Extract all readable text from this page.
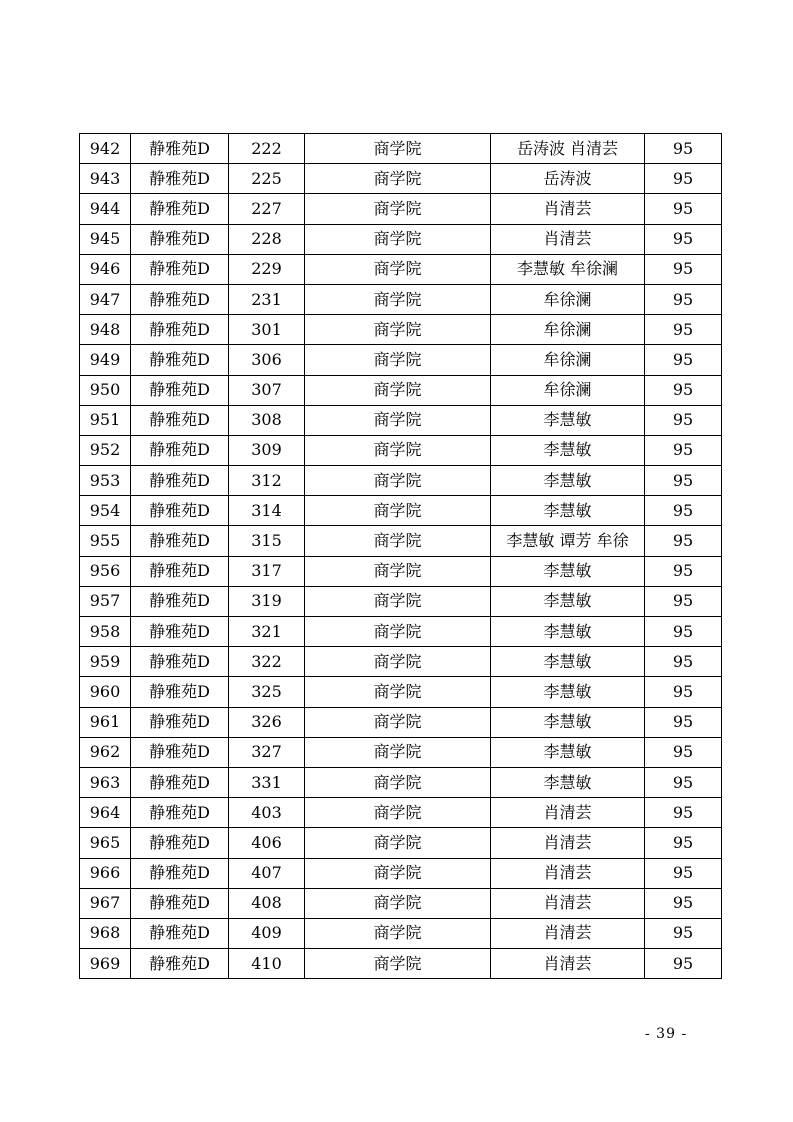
942	静雅苑D	222	商学院	岳涛波 肖清芸	95
943	静雅苑D	225	商学院	岳涛波	95
944	静雅苑D	227	商学院	肖清芸	95
945	静雅苑D	228	商学院	肖清芸	95
946	静雅苑D	229	商学院	李慧敏 牟徐澜	95
947	静雅苑D	231	商学院	牟徐澜	95
948	静雅苑D	301	商学院	牟徐澜	95
949	静雅苑D	306	商学院	牟徐澜	95
950	静雅苑D	307	商学院	牟徐澜	95
951	静雅苑D	308	商学院	李慧敏	95
952	静雅苑D	309	商学院	李慧敏	95
953	静雅苑D	312	商学院	李慧敏	95
954	静雅苑D	314	商学院	李慧敏	95
955	静雅苑D	315	商学院	李慧敏 谭芳 牟徐	95
956	静雅苑D	317	商学院	李慧敏	95
957	静雅苑D	319	商学院	李慧敏	95
958	静雅苑D	321	商学院	李慧敏	95
959	静雅苑D	322	商学院	李慧敏	95
960	静雅苑D	325	商学院	李慧敏	95
961	静雅苑D	326	商学院	李慧敏	95
962	静雅苑D	327	商学院	李慧敏	95
963	静雅苑D	331	商学院	李慧敏	95
964	静雅苑D	403	商学院	肖清芸	95
965	静雅苑D	406	商学院	肖清芸	95
966	静雅苑D	407	商学院	肖清芸	95
967	静雅苑D	408	商学院	肖清芸	95
968	静雅苑D	409	商学院	肖清芸	95
969	静雅苑D	410	商学院	肖清芸	95
- 39 -
